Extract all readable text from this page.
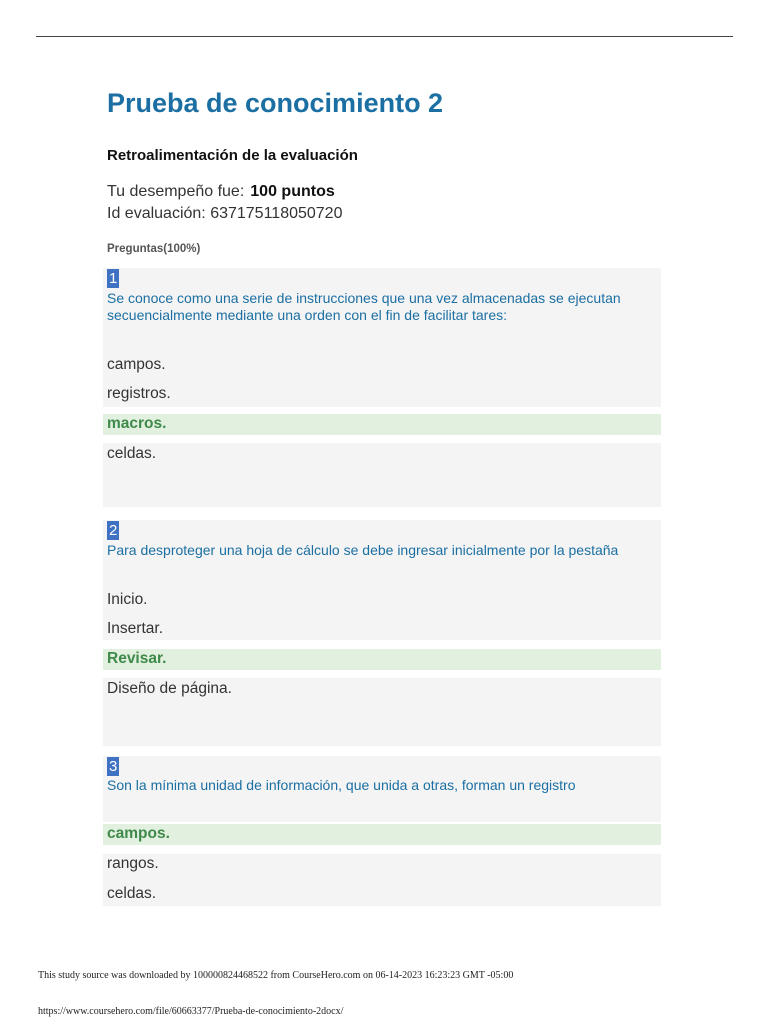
Prueba de conocimiento 2
Retroalimentación de la evaluación
Tu desempeño fue: 100 puntos
Id evaluación: 637175118050720
Preguntas(100%)
1
Se conoce como una serie de instrucciones que una vez almacenadas se ejecutan secuencialmente mediante una orden con el fin de facilitar tares:
campos.
registros.
macros.
celdas.
2
Para desproteger una hoja de cálculo se debe ingresar inicialmente por la pestaña
Inicio.
Insertar.
Revisar.
Diseño de página.
3
Son la mínima unidad de información, que unida a otras, forman un registro
campos.
rangos.
celdas.
This study source was downloaded by 100000824468522 from CourseHero.com on 06-14-2023 16:23:23 GMT -05:00
https://www.coursehero.com/file/60663377/Prueba-de-conocimiento-2docx/
